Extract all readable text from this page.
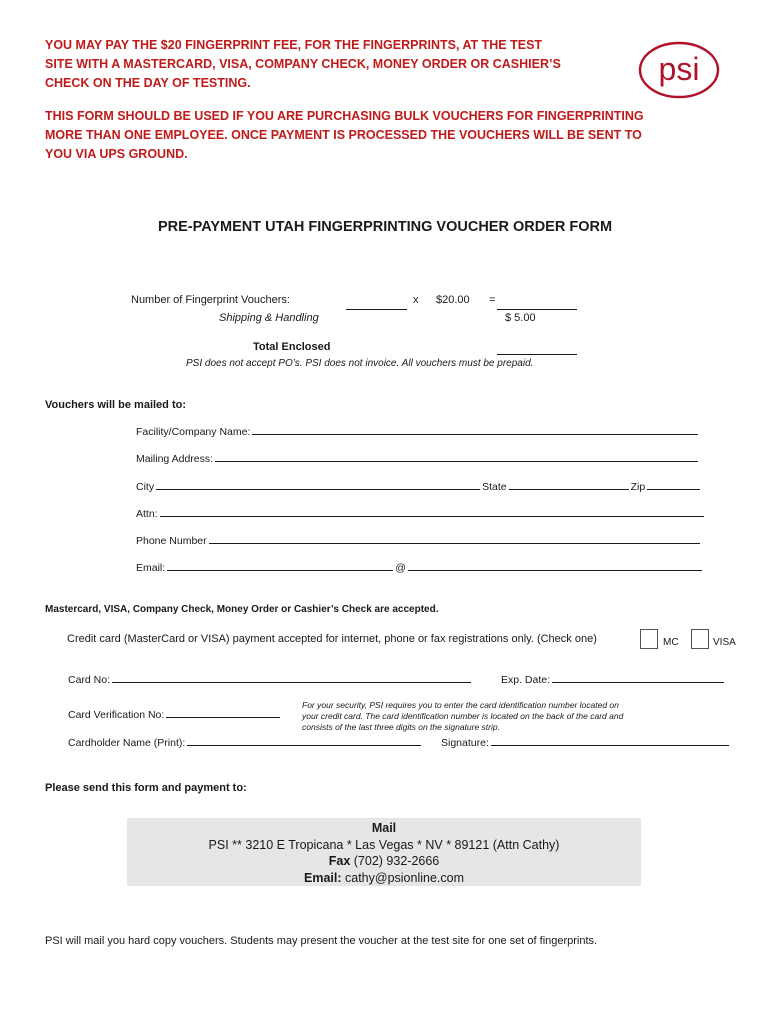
YOU MAY PAY THE $20 FINGERPRINT FEE, FOR THE FINGERPRINTS, AT THE TEST
SITE WITH A MASTERCARD, VISA, COMPANY CHECK, MONEY ORDER OR CASHIER’S
CHECK ON THE DAY OF TESTING.
THIS FORM SHOULD BE USED IF YOU ARE PURCHASING BULK VOUCHERS FOR FINGERPRINTING
MORE THAN ONE EMPLOYEE. ONCE PAYMENT IS PROCESSED THE VOUCHERS WILL BE SENT TO
YOU VIA UPS GROUND.
psi
PRE-PAYMENT UTAH FINGERPRINTING VOUCHER ORDER FORM
Number of Fingerprint Vouchers:	x $20.00 =
Shipping & Handling	$ 5.00
Total Enclosed
PSI does not accept PO’s. PSI does not invoice. All vouchers must be prepaid.
Vouchers will be mailed to:
Facility/Company Name:
Mailing Address:
City	State	Zip
Attn:
Phone Number
Email:	@
Mastercard, VISA, Company Check, Money Order or Cashier’s Check are accepted.
Credit card (MasterCard or VISA) payment accepted for internet, phone or fax registrations only. (Check one)	MC	VISA
Card No:	Exp. Date:
For your security, PSI requires you to enter the card identification number located on
your credit card. The card identification number is located on the back of the card and
consists of the last three digits on the signature strip.
Card Verification No:
Cardholder Name (Print):	Signature:
Please send this form and payment to:
Mail
PSI ** 3210 E Tropicana * Las Vegas * NV * 89121 (Attn Cathy)
Fax (702) 932-2666
Email: cathy@psionline.com
PSI will mail you hard copy vouchers. Students may present the voucher at the test site for one set of fingerprints.
